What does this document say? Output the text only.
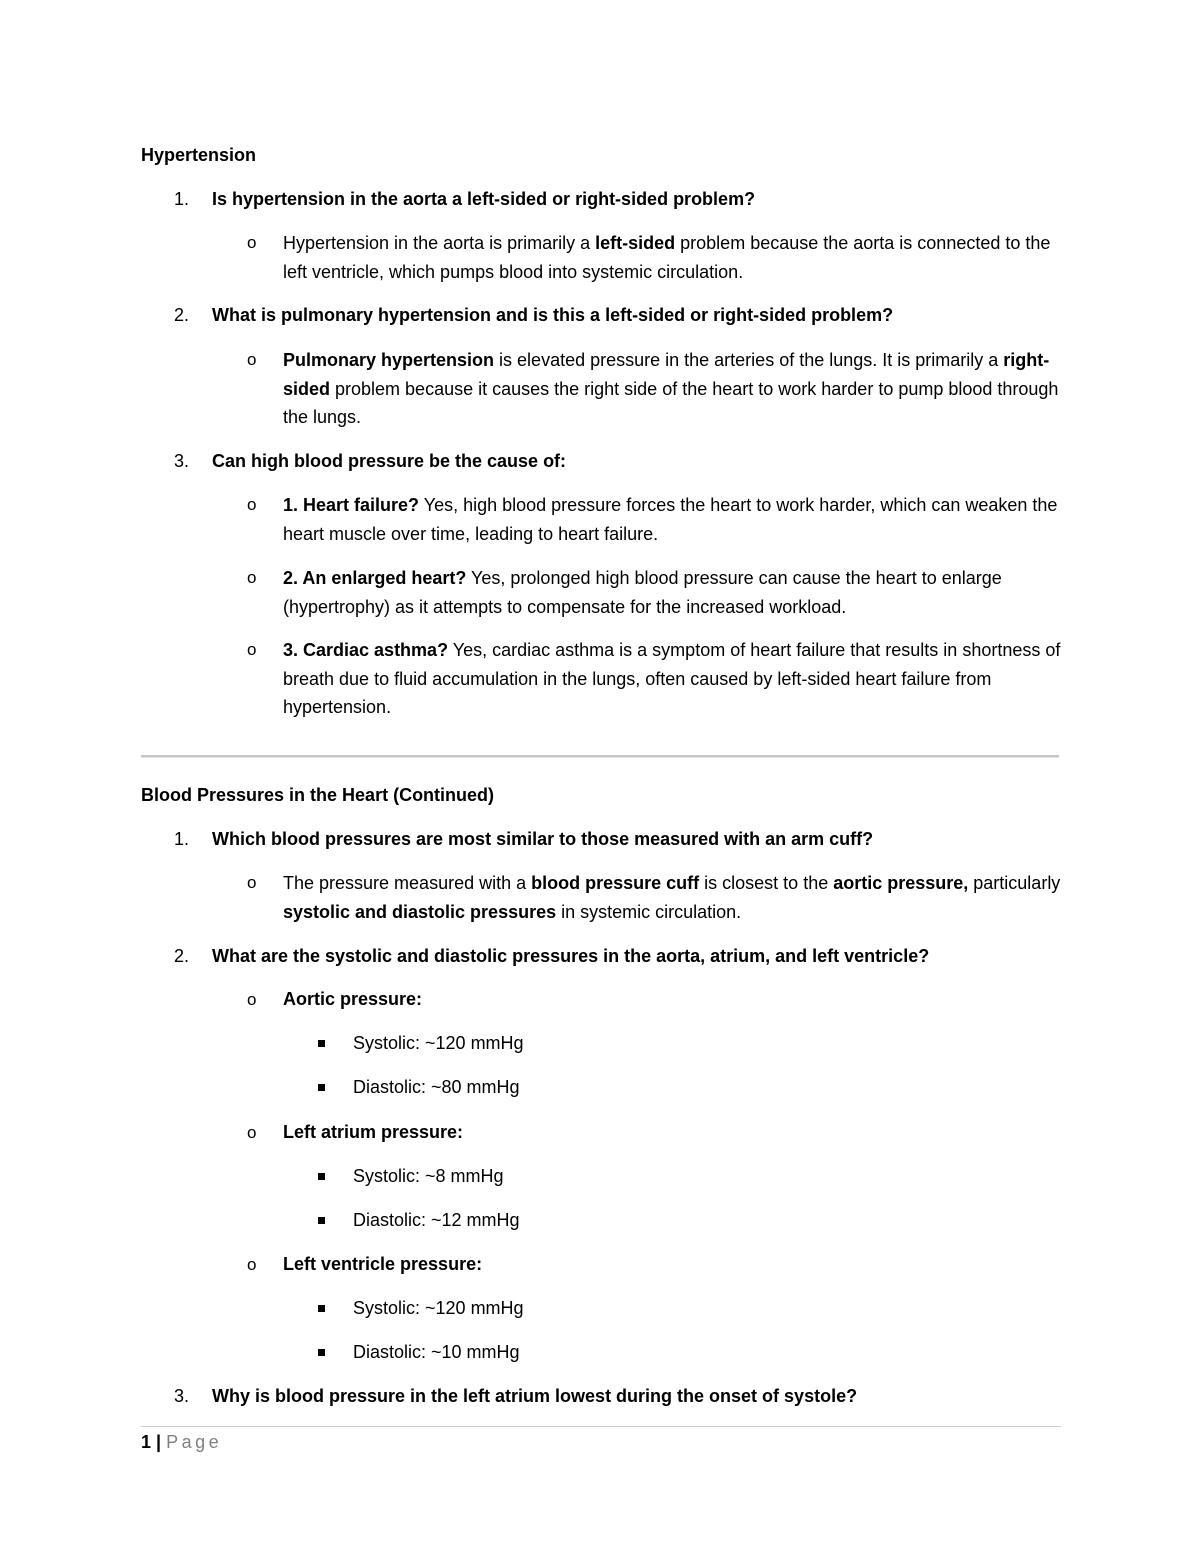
Hypertension
1. Is hypertension in the aorta a left-sided or right-sided problem?
o Hypertension in the aorta is primarily a left-sided problem because the aorta is connected to the left ventricle, which pumps blood into systemic circulation.
2. What is pulmonary hypertension and is this a left-sided or right-sided problem?
o Pulmonary hypertension is elevated pressure in the arteries of the lungs. It is primarily a right-sided problem because it causes the right side of the heart to work harder to pump blood through the lungs.
3. Can high blood pressure be the cause of:
o 1. Heart failure? Yes, high blood pressure forces the heart to work harder, which can weaken the heart muscle over time, leading to heart failure.
o 2. An enlarged heart? Yes, prolonged high blood pressure can cause the heart to enlarge (hypertrophy) as it attempts to compensate for the increased workload.
o 3. Cardiac asthma? Yes, cardiac asthma is a symptom of heart failure that results in shortness of breath due to fluid accumulation in the lungs, often caused by left-sided heart failure from hypertension.
Blood Pressures in the Heart (Continued)
1. Which blood pressures are most similar to those measured with an arm cuff?
o The pressure measured with a blood pressure cuff is closest to the aortic pressure, particularly systolic and diastolic pressures in systemic circulation.
2. What are the systolic and diastolic pressures in the aorta, atrium, and left ventricle?
o Aortic pressure:
Systolic: ~120 mmHg
Diastolic: ~80 mmHg
o Left atrium pressure:
Systolic: ~8 mmHg
Diastolic: ~12 mmHg
o Left ventricle pressure:
Systolic: ~120 mmHg
Diastolic: ~10 mmHg
3. Why is blood pressure in the left atrium lowest during the onset of systole?
1 | Page
